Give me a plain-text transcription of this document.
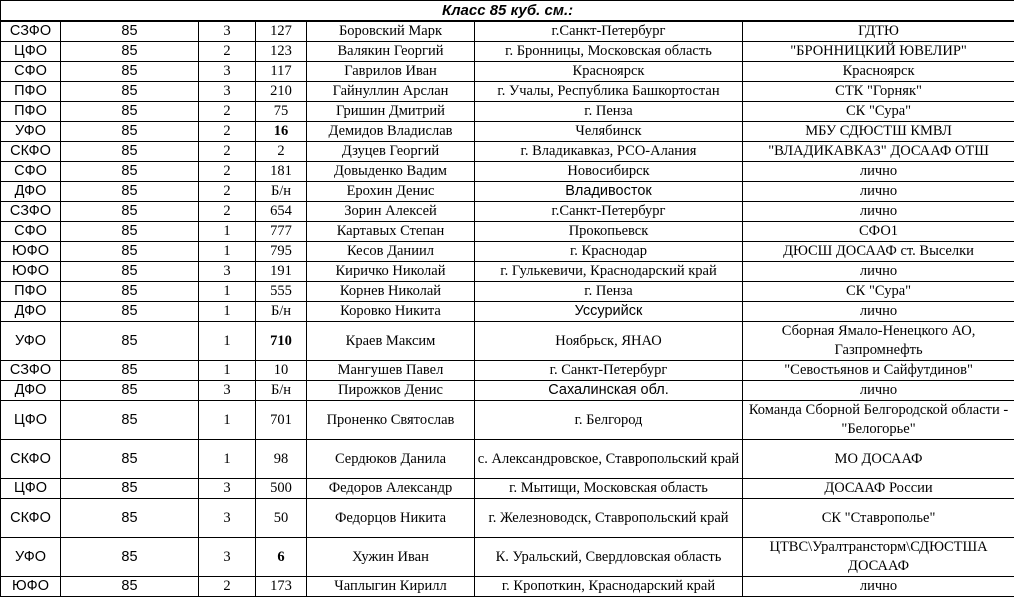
Класс 85 куб. см.:						
СЗФО	85	3	127	Боровский Марк	г.Санкт-Петербург	ГДТЮ
ЦФО	85	2	123	Валякин Георгий	г. Бронницы, Московская область	"БРОННИЦКИЙ ЮВЕЛИР"
СФО	85	3	117	Гаврилов Иван	Красноярск	Красноярск
ПФО	85	3	210	Гайнуллин Арслан	г. Учалы, Республика Башкортостан	СТК "Горняк"
ПФО	85	2	75	Гришин Дмитрий	г. Пенза	СК "Сура"
УФО	85	2	16	Демидов Владислав	Челябинск	МБУ СДЮСТШ КМВЛ
СКФО	85	2	2	Дзуцев Георгий	г. Владикавказ, РСО-Алания	"ВЛАДИКАВКАЗ" ДОСААФ ОТШ
СФО	85	2	181	Довыденко Вадим	Новосибирск	лично
ДФО	85	2	Б/н	Ерохин Денис	Владивосток	лично
СЗФО	85	2	654	Зорин Алексей	г.Санкт-Петербург	лично
СФО	85	1	777	Картавых Степан	Прокопьевск	СФО1
ЮФО	85	1	795	Кесов Даниил	г. Краснодар	ДЮСШ ДОСААФ ст. Выселки
ЮФО	85	3	191	Киричко Николай	г. Гулькевичи, Краснодарский край	лично
ПФО	85	1	555	Корнев Николай	г. Пенза	СК "Сура"
ДФО	85	1	Б/н	Коровко Никита	Уссурийск	лично
УФО	85	1	710	Краев Максим	Ноябрьск, ЯНАО	Сборная Ямало-Ненецкого АО, Газпромнефть
СЗФО	85	1	10	Мангушев Павел	г. Санкт-Петербург	"Севостьянов и Сайфутдинов"
ДФО	85	3	Б/н	Пирожков Денис	Сахалинская обл.	лично
ЦФО	85	1	701	Проненко Святослав	г. Белгород	Команда Сборной Белгородской области - "Белогорье"
СКФО	85	1	98	Сердюков Данила	с. Александровское, Ставропольский край	МО ДОСААФ
ЦФО	85	3	500	Федоров Александр	г. Мытищи, Московская область	ДОСААФ России
СКФО	85	3	50	Федорцов Никита	г. Железноводск, Ставропольский край	СК "Ставрополье"
УФО	85	3	6	Хужин Иван	К. Уральский, Свердловская область	ЦТВС\Уралтрансторм\СДЮСТША ДОСААФ
ЮФО	85	2	173	Чаплыгин Кирилл	г. Кропоткин, Краснодарский край	лично
